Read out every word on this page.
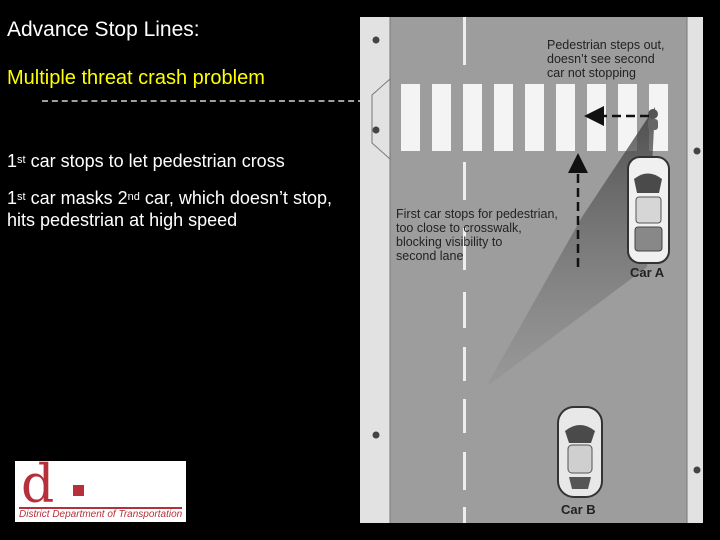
Advance Stop Lines:
Multiple threat crash problem
1st car stops to let pedestrian cross
1st car masks 2nd car, which doesn’t stop, hits pedestrian at high speed
d
District Department of Transportation
Pedestrian steps out, doesn’t see second car not stopping
First car stops for pedestrian, too close to crosswalk, blocking visibility to second lane
Car A
Car B
